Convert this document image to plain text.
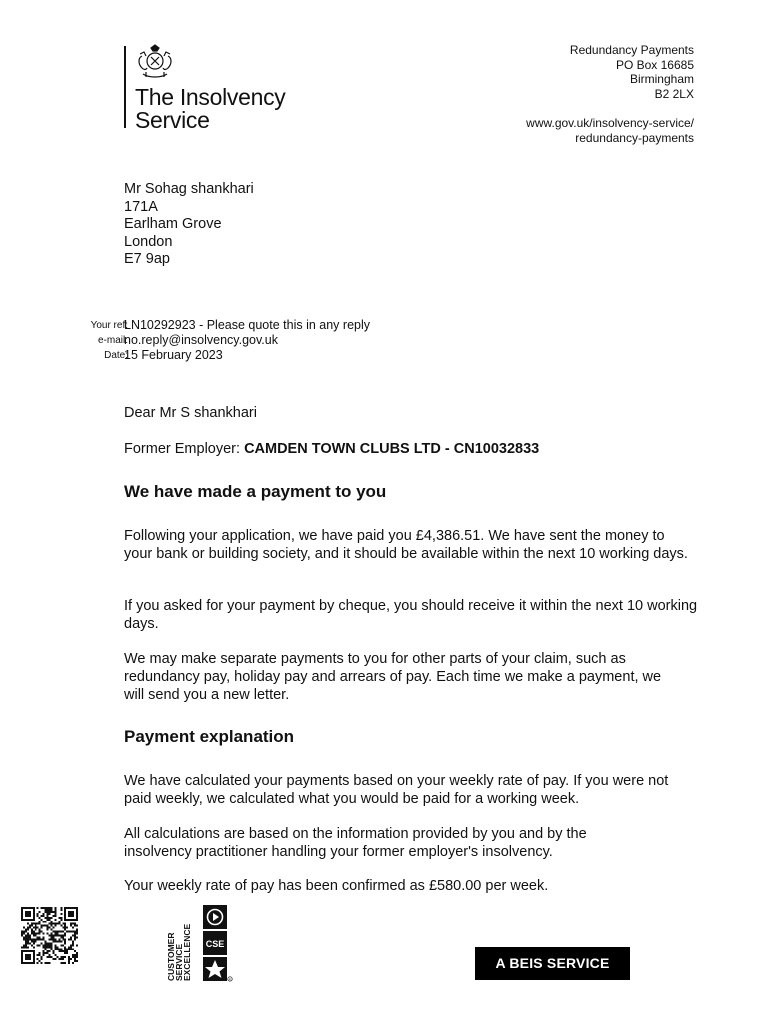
The Insolvency
Service
Redundancy Payments
PO Box 16685
Birmingham
B2 2LX
www.gov.uk/insolvency-service/
redundancy-payments
Mr Sohag shankhari
171A
Earlham Grove
London
E7 9ap
Your ref:
LN10292923 - Please quote this in any reply
e-mail:
no.reply@insolvency.gov.uk
Date:
15 February 2023
Dear Mr S shankhari
Former Employer: CAMDEN TOWN CLUBS LTD - CN10032833
We have made a payment to you
Following your application, we have paid you £4,386.51. We have sent the money to your bank or building society, and it should be available within the next 10 working days.
If you asked for your payment by cheque, you should receive it within the next 10 working days.
We may make separate payments to you for other parts of your claim, such as redundancy pay, holiday pay and arrears of pay. Each time we make a payment, we will send you a new letter.
Payment explanation
We have calculated your payments based on your weekly rate of pay. If you were not paid weekly, we calculated what you would be paid for a working week.
All calculations are based on the information provided by you and by the insolvency practitioner handling your former employer's insolvency.
Your weekly rate of pay has been confirmed as £580.00 per week.
CUSTOMER
SERVICE
EXCELLENCE CSE
R
A BEIS SERVICE
